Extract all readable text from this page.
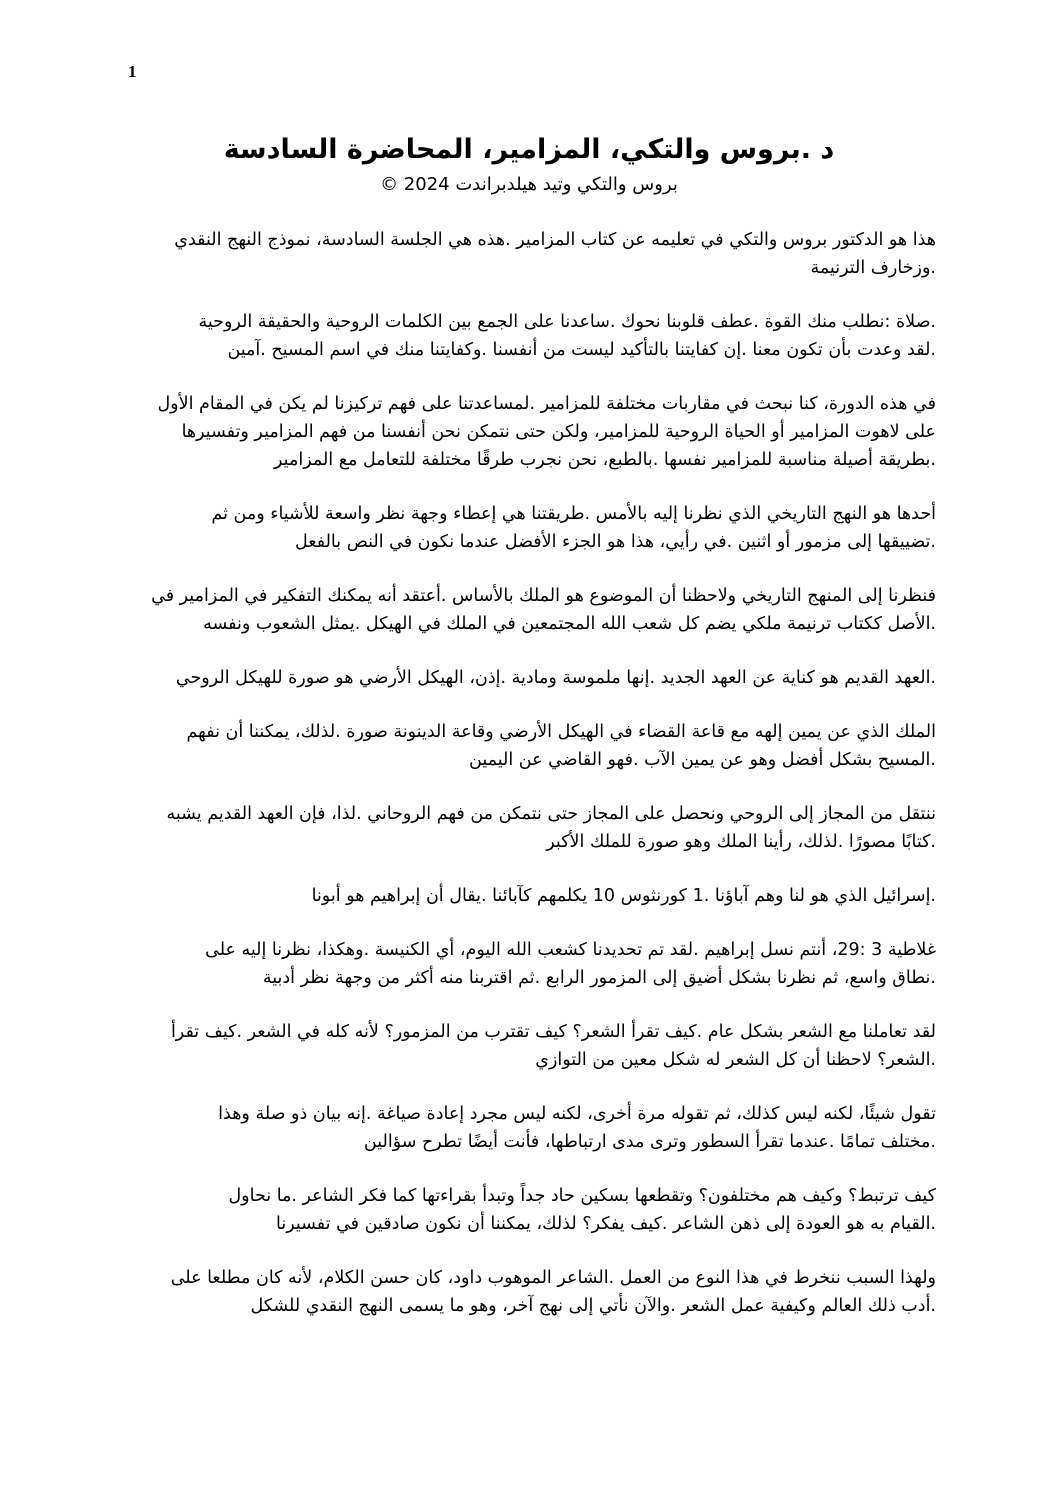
1

د .بروس والتكي، المزامير، المحاضرة السادسة

بروس والتكي وتيد هيلدبراندت 2024 ©

هذا هو الدكتور بروس والتكي في تعليمه عن كتاب المزامير .هذه هي الجلسة السادسة، نموذج النهج النقدي
.وزخارف الترنيمة

.صلاة :نطلب منك القوة .عطف قلوبنا نحوك .ساعدنا على الجمع بين الكلمات الروحية والحقيقة الروحية
.لقد وعدت بأن تكون معنا .إن كفايتنا بالتأكيد ليست من أنفسنا .وكفايتنا منك في اسم المسيح .آمين

في هذه الدورة، كنا نبحث في مقاربات مختلفة للمزامير .لمساعدتنا على فهم تركيزنا لم يكن في المقام الأول
على لاهوت المزامير أو الحياة الروحية للمزامير، ولكن حتى نتمكن نحن أنفسنا من فهم المزامير وتفسيرها
.بطريقة أصيلة مناسبة للمزامير نفسها .بالطبع، نحن نجرب طرقًا مختلفة للتعامل مع المزامير

أحدها هو النهج التاريخي الذي نظرنا إليه بالأمس .طريقتنا هي إعطاء وجهة نظر واسعة للأشياء ومن ثم
.تضييقها إلى مزمور أو اثنين .في رأيي، هذا هو الجزء الأفضل عندما نكون في النص بالفعل

فنظرنا إلى المنهج التاريخي ولاحظنا أن الموضوع هو الملك بالأساس .أعتقد أنه يمكنك التفكير في المزامير في
.الأصل ككتاب ترنيمة ملكي يضم كل شعب الله المجتمعين في الملك في الهيكل .يمثل الشعوب ونفسه

.العهد القديم هو كناية عن العهد الجديد .إنها ملموسة ومادية .إذن، الهيكل الأرضي هو صورة للهيكل الروحي

الملك الذي عن يمين إلهه مع قاعة القضاء في الهيكل الأرضي وقاعة الدينونة صورة .لذلك، يمكننا أن نفهم
.المسيح بشكل أفضل وهو عن يمين الآب .فهو القاضي عن اليمين

ننتقل من المجاز إلى الروحي ونحصل على المجاز حتى نتمكن من فهم الروحاني .لذا، فإن العهد القديم يشبه
.كتابًا مصورًا .لذلك، رأينا الملك وهو صورة للملك الأكبر

.إسرائيل الذي هو لنا وهم آباؤنا .1 كورنثوس 10 يكلمهم كآبائنا .يقال أن إبراهيم هو أبونا

غلاطية 3 :29، أنتم نسل إبراهيم .لقد تم تحديدنا كشعب الله اليوم، أي الكنيسة .وهكذا، نظرنا إليه على
.نطاق واسع، ثم نظرنا بشكل أضيق إلى المزمور الرابع .ثم اقتربنا منه أكثر من وجهة نظر أدبية

لقد تعاملنا مع الشعر بشكل عام .كيف تقرأ الشعر؟ كيف تقترب من المزمور؟ لأنه كله في الشعر .كيف تقرأ
.الشعر؟ لاحظنا أن كل الشعر له شكل معين من التوازي

تقول شيئًا، لكنه ليس كذلك، ثم تقوله مرة أخرى، لكنه ليس مجرد إعادة صياغة .إنه بيان ذو صلة وهذا
.مختلف تمامًا .عندما تقرأ السطور وترى مدى ارتباطها، فأنت أيضًا تطرح سؤالين

كيف ترتبط؟ وكيف هم مختلفون؟ وتقطعها بسكين حاد جداً وتبدأ بقراءتها كما فكر الشاعر .ما نحاول
.القيام به هو العودة إلى ذهن الشاعر .كيف يفكر؟ لذلك، يمكننا أن نكون صادقين في تفسيرنا

ولهذا السبب ننخرط في هذا النوع من العمل .الشاعر الموهوب داود، كان حسن الكلام، لأنه كان مطلعا على
.أدب ذلك العالم وكيفية عمل الشعر .والآن نأتي إلى نهج آخر، وهو ما يسمى النهج النقدي للشكل
